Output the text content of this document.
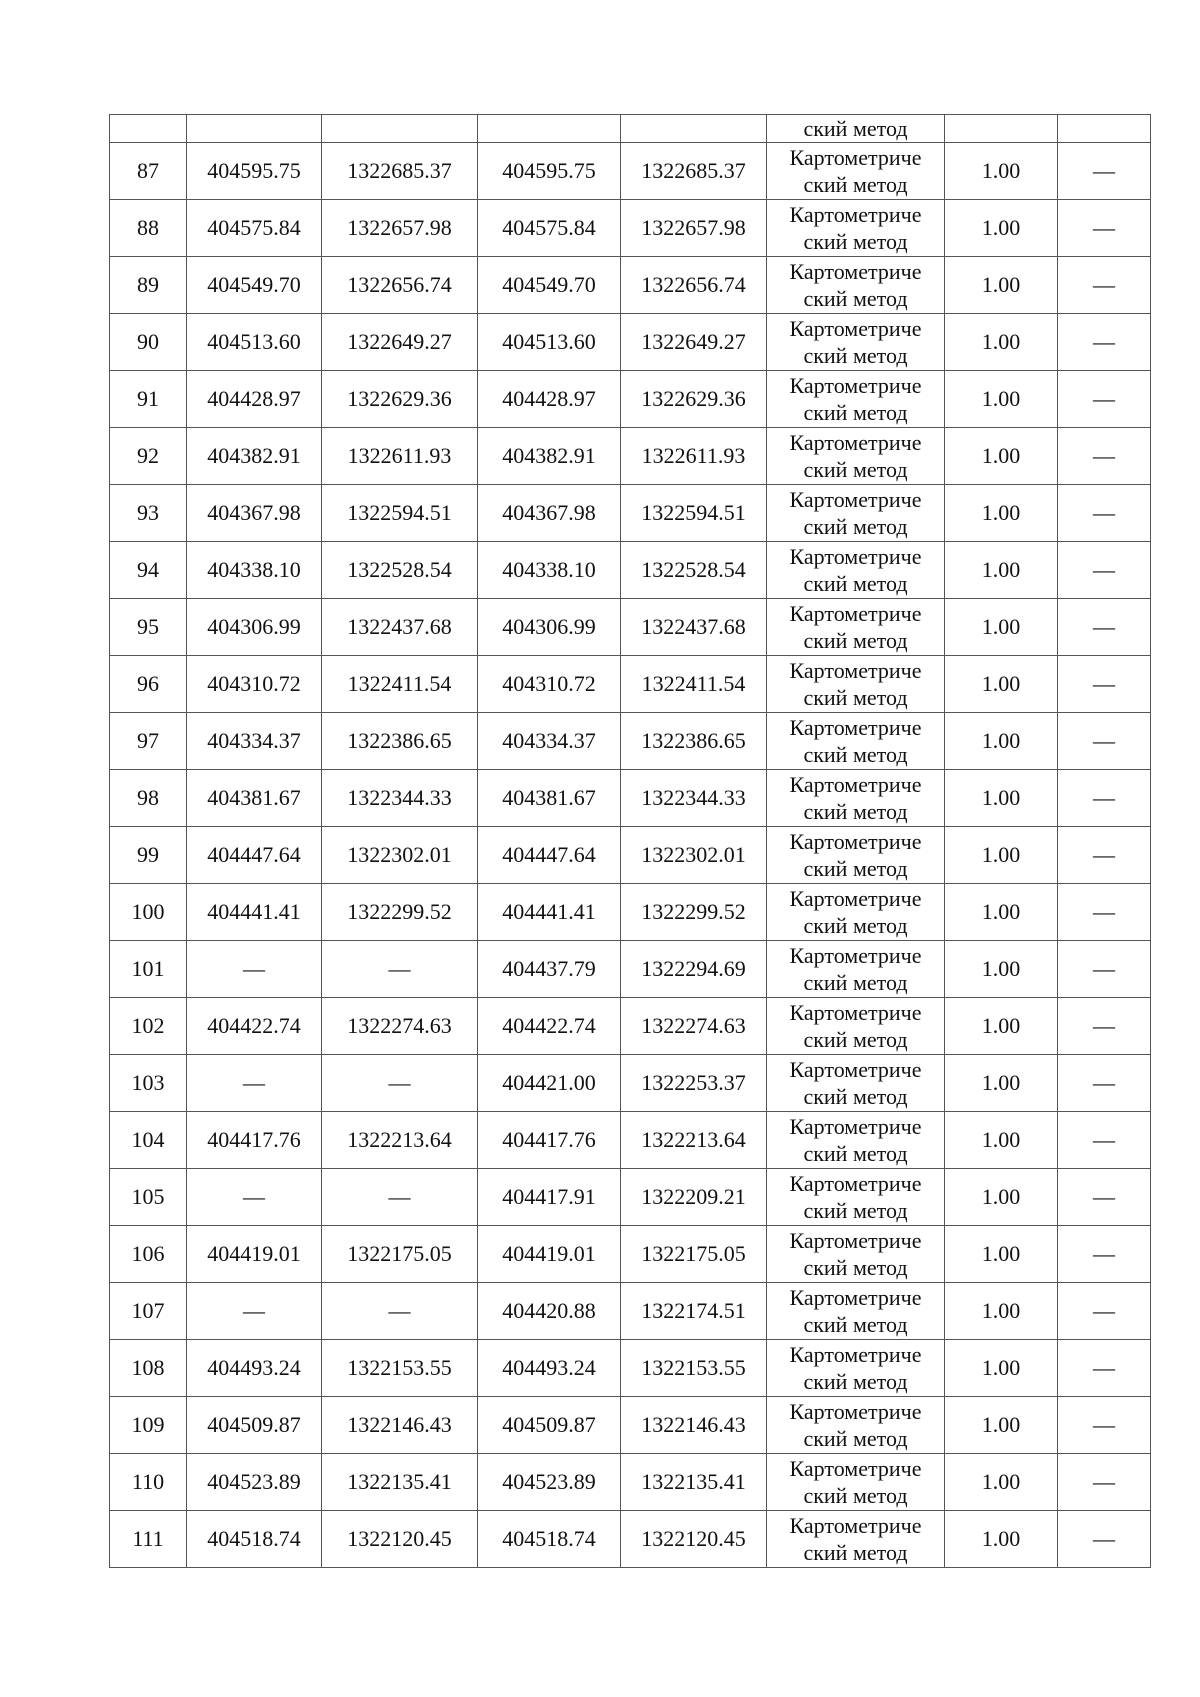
					ский метод		
87	404595.75	1322685.37	404595.75	1322685.37	Картометриче
ский метод	1.00	—
88	404575.84	1322657.98	404575.84	1322657.98	Картометриче
ский метод	1.00	—
89	404549.70	1322656.74	404549.70	1322656.74	Картометриче
ский метод	1.00	—
90	404513.60	1322649.27	404513.60	1322649.27	Картометриче
ский метод	1.00	—
91	404428.97	1322629.36	404428.97	1322629.36	Картометриче
ский метод	1.00	—
92	404382.91	1322611.93	404382.91	1322611.93	Картометриче
ский метод	1.00	—
93	404367.98	1322594.51	404367.98	1322594.51	Картометриче
ский метод	1.00	—
94	404338.10	1322528.54	404338.10	1322528.54	Картометриче
ский метод	1.00	—
95	404306.99	1322437.68	404306.99	1322437.68	Картометриче
ский метод	1.00	—
96	404310.72	1322411.54	404310.72	1322411.54	Картометриче
ский метод	1.00	—
97	404334.37	1322386.65	404334.37	1322386.65	Картометриче
ский метод	1.00	—
98	404381.67	1322344.33	404381.67	1322344.33	Картометриче
ский метод	1.00	—
99	404447.64	1322302.01	404447.64	1322302.01	Картометриче
ский метод	1.00	—
100	404441.41	1322299.52	404441.41	1322299.52	Картометриче
ский метод	1.00	—
101	—	—	404437.79	1322294.69	Картометриче
ский метод	1.00	—
102	404422.74	1322274.63	404422.74	1322274.63	Картометриче
ский метод	1.00	—
103	—	—	404421.00	1322253.37	Картометриче
ский метод	1.00	—
104	404417.76	1322213.64	404417.76	1322213.64	Картометриче
ский метод	1.00	—
105	—	—	404417.91	1322209.21	Картометриче
ский метод	1.00	—
106	404419.01	1322175.05	404419.01	1322175.05	Картометриче
ский метод	1.00	—
107	—	—	404420.88	1322174.51	Картометриче
ский метод	1.00	—
108	404493.24	1322153.55	404493.24	1322153.55	Картометриче
ский метод	1.00	—
109	404509.87	1322146.43	404509.87	1322146.43	Картометриче
ский метод	1.00	—
110	404523.89	1322135.41	404523.89	1322135.41	Картометриче
ский метод	1.00	—
111	404518.74	1322120.45	404518.74	1322120.45	Картометриче
ский метод	1.00	—
